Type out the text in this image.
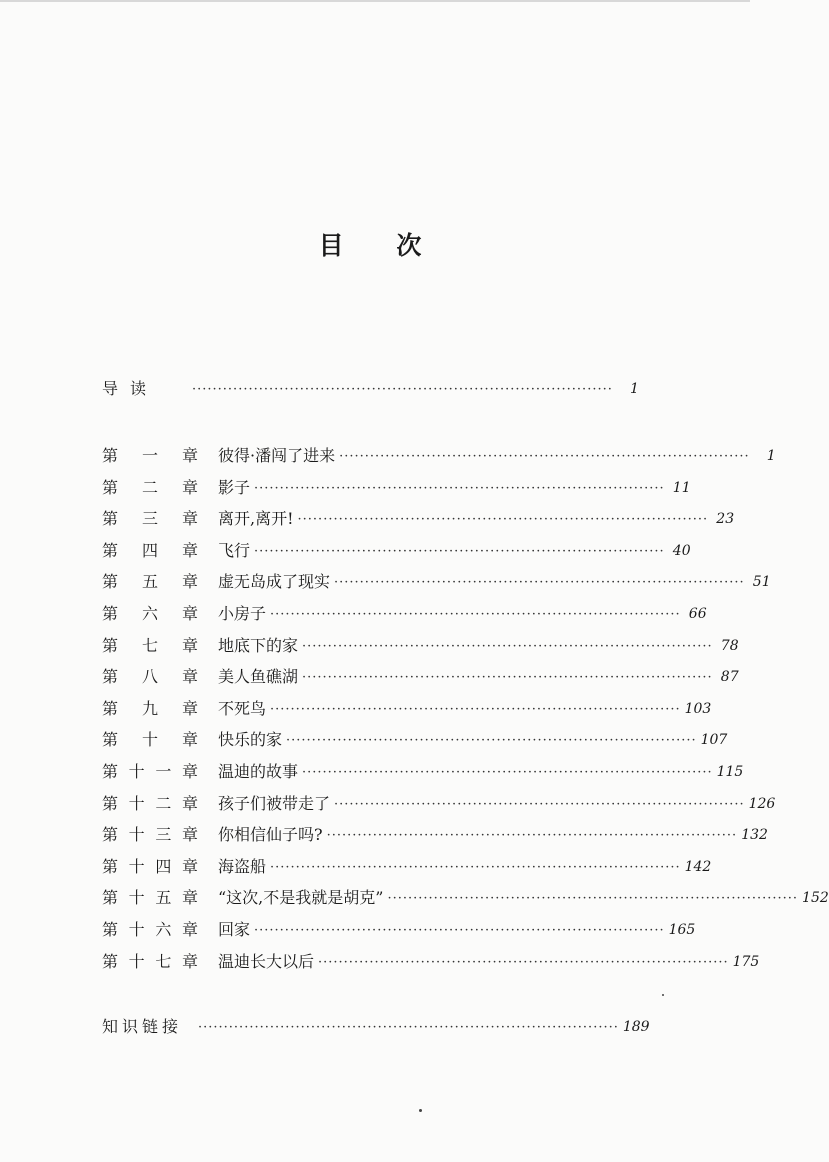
目 次
导读	··················································································	1
第一章 彼得·潘闯了进来 ················································································	1
第二章 影子 ················································································ 11
第三章 离开,离开! ················································································ 23
第四章 飞行 ················································································ 40
第五章 虚无岛成了现实 ················································································ 51
第六章 小房子 ················································································ 66
第七章 地底下的家 ················································································ 78
第八章 美人鱼礁湖 ················································································ 87
第九章 不死鸟 ················································································ 103
第十章 快乐的家 ················································································ 107
第十一章 温迪的故事 ················································································ 115
第十二章 孩子们被带走了 ················································································ 126
第十三章 你相信仙子吗? ················································································ 132
第十四章 海盗船 ················································································ 142
第十五章 “这次,不是我就是胡克” ················································································ 152
第十六章 回家 ················································································ 165
第十七章 温迪长大以后 ················································································ 175
知识链接 ·················································································· 189
